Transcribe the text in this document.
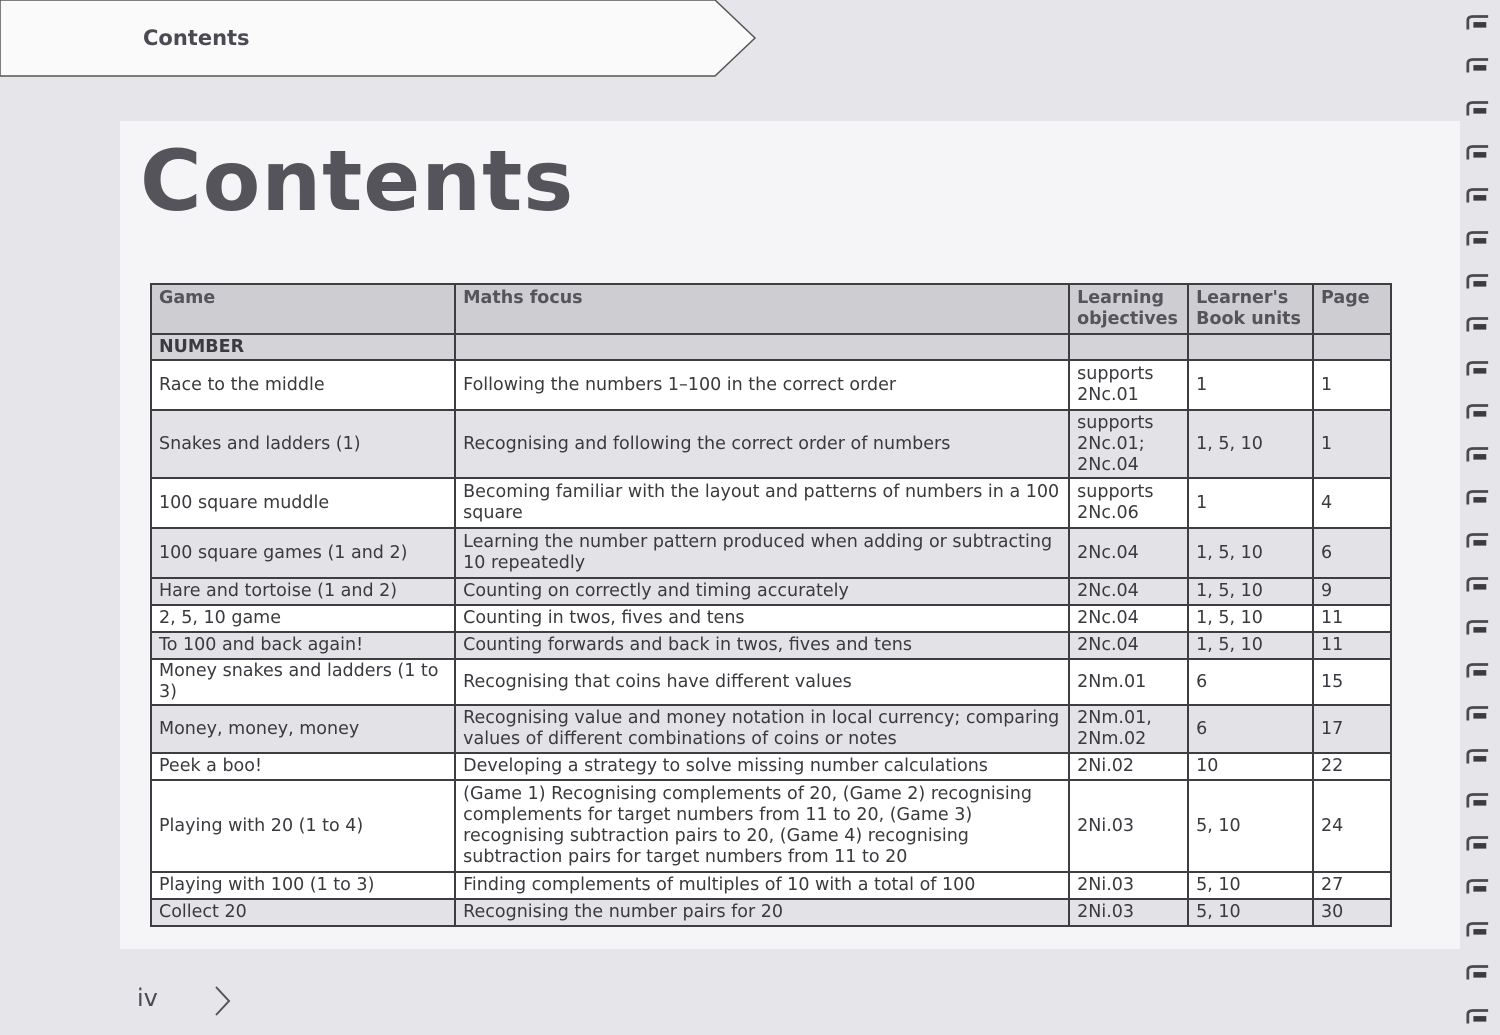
Contents
Contents
Game	Maths focus	Learning objectives	Learner's Book units	Page
NUMBER				
Race to the middle	Following the numbers 1–100 in the correct order	supports 2Nc.01	1	1
Snakes and ladders (1)	Recognising and following the correct order of numbers	supports 2Nc.01; 2Nc.04	1, 5, 10	1
100 square muddle	Becoming familiar with the layout and patterns of numbers in a 100 square	supports 2Nc.06	1	4
100 square games (1 and 2)	Learning the number pattern produced when adding or subtracting 10 repeatedly	2Nc.04	1, 5, 10	6
Hare and tortoise (1 and 2)	Counting on correctly and timing accurately	2Nc.04	1, 5, 10	9
2, 5, 10 game	Counting in twos, fives and tens	2Nc.04	1, 5, 10	11
To 100 and back again!	Counting forwards and back in twos, fives and tens	2Nc.04	1, 5, 10	11
Money snakes and ladders (1 to 3)	Recognising that coins have different values	2Nm.01	6	15
Money, money, money	Recognising value and money notation in local currency; comparing values of different combinations of coins or notes	2Nm.01, 2Nm.02	6	17
Peek a boo!	Developing a strategy to solve missing number calculations	2Ni.02	10	22
Playing with 20 (1 to 4)	(Game 1) Recognising complements of 20, (Game 2) recognising complements for target numbers from 11 to 20, (Game 3) recognising subtraction pairs to 20, (Game 4) recognising subtraction pairs for target numbers from 11 to 20	2Ni.03	5, 10	24
Playing with 100 (1 to 3)	Finding complements of multiples of 10 with a total of 100	2Ni.03	5, 10	27
Collect 20	Recognising the number pairs for 20	2Ni.03	5, 10	30
iv
